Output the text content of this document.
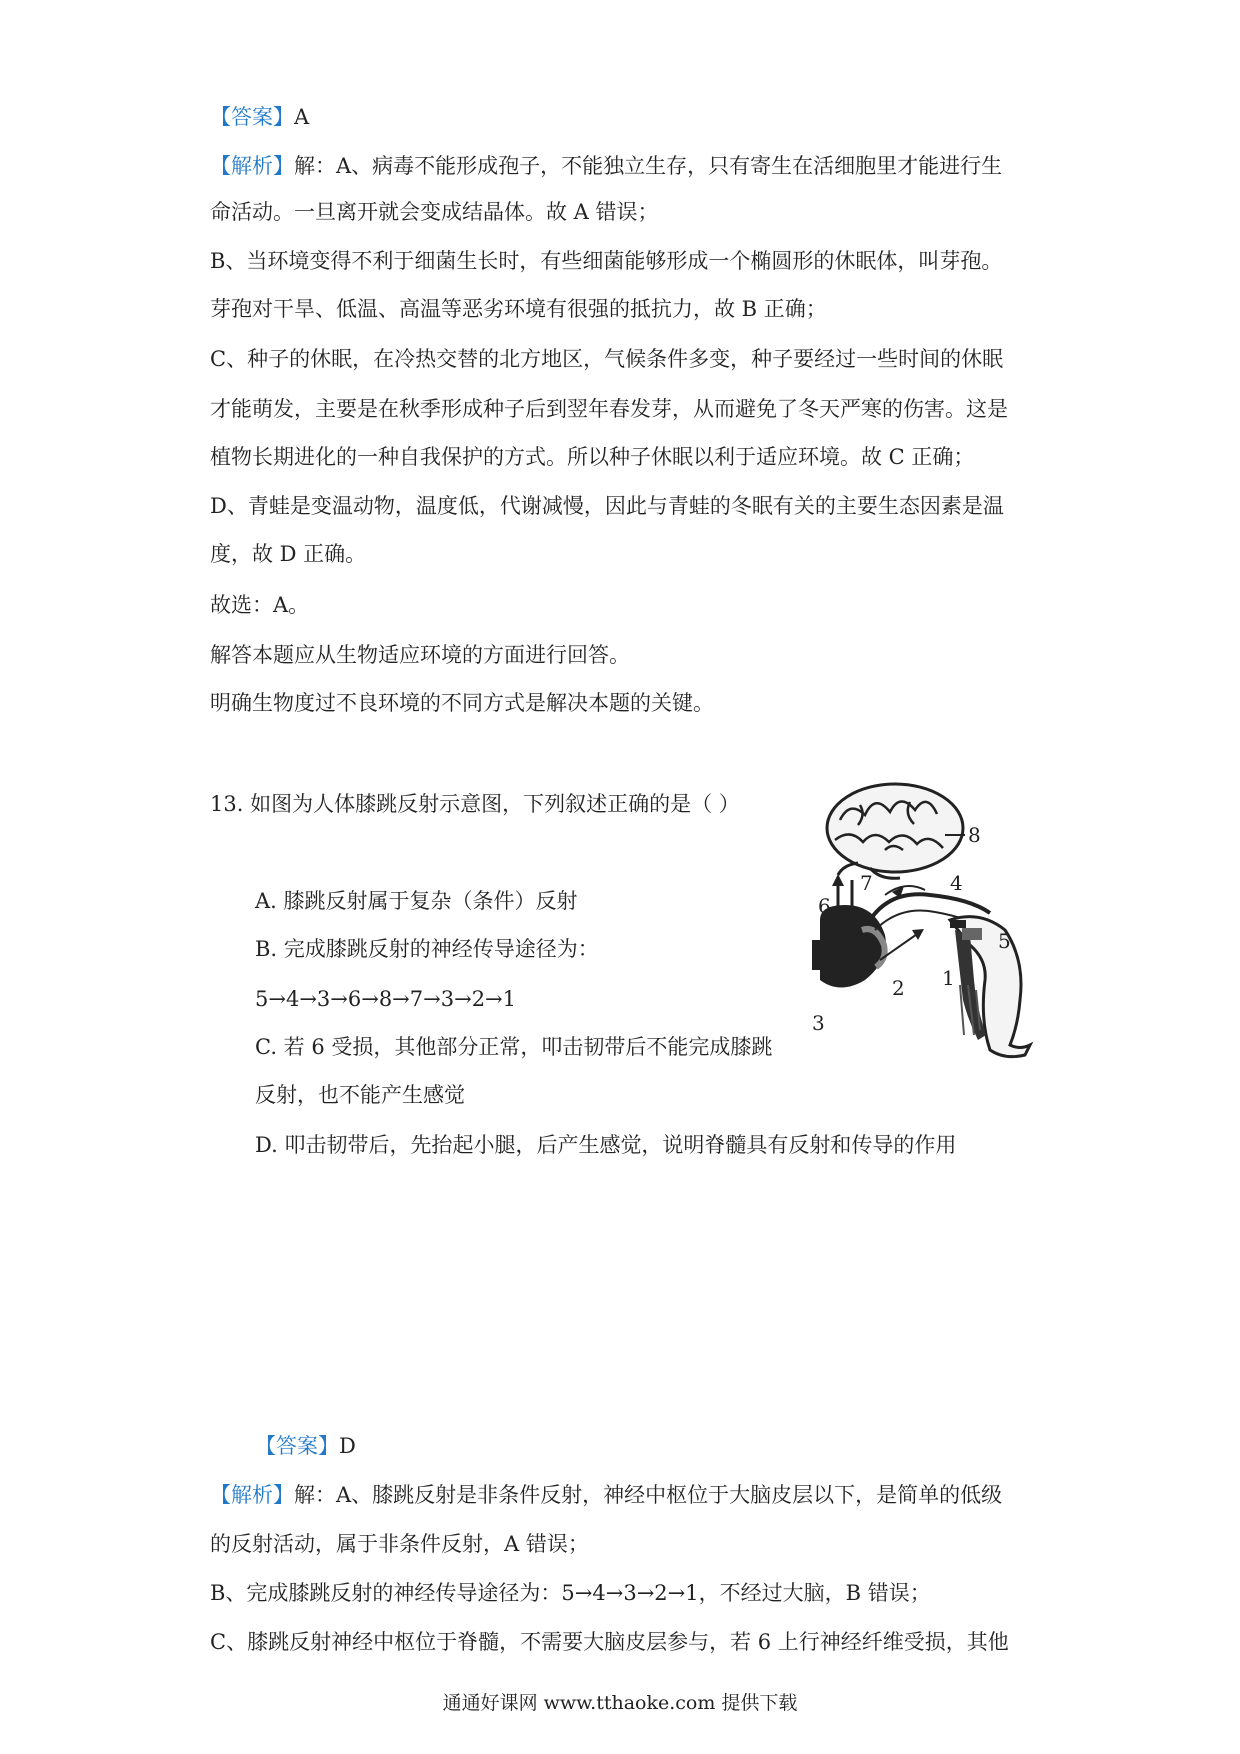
【答案】A
【解析】解：A、病毒不能形成孢子，不能独立生存，只有寄生在活细胞里才能进行生
命活动。一旦离开就会变成结晶体。故 A 错误；
B、当环境变得不利于细菌生长时，有些细菌能够形成一个椭圆形的休眠体，叫芽孢。
芽孢对干旱、低温、高温等恶劣环境有很强的抵抗力，故 B 正确；
C、种子的休眠，在冷热交替的北方地区，气候条件多变，种子要经过一些时间的休眠
才能萌发，主要是在秋季形成种子后到翌年春发芽，从而避免了冬天严寒的伤害。这是
植物长期进化的一种自我保护的方式。所以种子休眠以利于适应环境。故 C 正确；
D、青蛙是变温动物，温度低，代谢减慢，因此与青蛙的冬眠有关的主要生态因素是温
度，故 D 正确。
故选：A。
解答本题应从生物适应环境的方面进行回答。
明确生物度过不良环境的不同方式是解决本题的关键。
13. 如图为人体膝跳反射示意图，下列叙述正确的是（ ）
A. 膝跳反射属于复杂（条件）反射
B. 完成膝跳反射的神经传导途径为：
5→4→3→6→8→7→3→2→1
C. 若 6 受损，其他部分正常，叩击韧带后不能完成膝跳
反射，也不能产生感觉
D. 叩击韧带后，先抬起小腿，后产生感觉，说明脊髓具有反射和传导的作用
8
6
7	4
5
1
2
3
【答案】D
【解析】解：A、膝跳反射是非条件反射，神经中枢位于大脑皮层以下，是简单的低级
的反射活动，属于非条件反射，A 错误；
B、完成膝跳反射的神经传导途径为：5→4→3→2→1，不经过大脑，B 错误；
C、膝跳反射神经中枢位于脊髓，不需要大脑皮层参与，若 6 上行神经纤维受损，其他
通通好课网 www.tthaoke.com 提供下载
